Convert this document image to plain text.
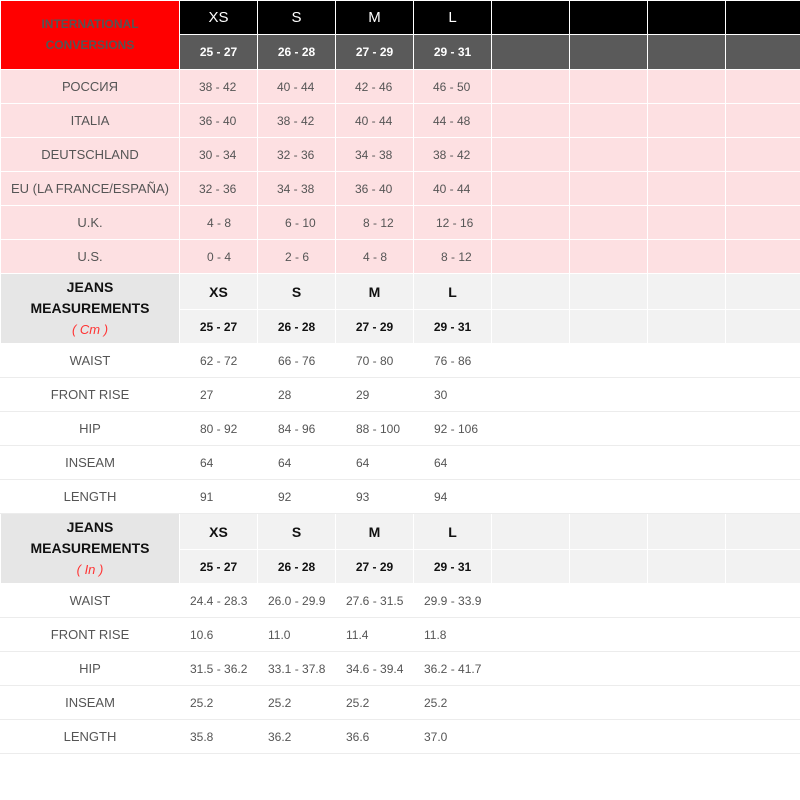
INTERNATIONAL
CONVERSIONS	XS	S	M	L				
	25 - 27	26 - 28	27 - 29	29 - 31				
РОССИЯ	38 - 42	40 - 44	42 - 46	46 - 50				
ITALIA	36 - 40	38 - 42	40 - 44	44 - 48				
DEUTSCHLAND	30 - 34	32 - 36	34 - 38	38 - 42				
EU (LA FRANCE/ESPAÑA)	32 - 36	34 - 38	36 - 40	40 - 44				
U.K.	4 - 8	6 - 10	8 - 12	12 - 16				
U.S.	0 - 4	2 - 6	4 - 8	8 - 12				
JEANS
MEASUREMENTS
( Cm )	XS	S	M	L				
	25 - 27	26 - 28	27 - 29	29 - 31				
WAIST	62 - 72	66 - 76	70 - 80	76 - 86				
FRONT RISE	27	28	29	30				
HIP	80 - 92	84 - 96	88 - 100	92 - 106				
INSEAM	64	64	64	64				
LENGTH	91	92	93	94				
JEANS
MEASUREMENTS
( In )	XS	S	M	L				
	25 - 27	26 - 28	27 - 29	29 - 31				
WAIST	24.4 - 28.3	26.0 - 29.9	27.6 - 31.5	29.9 - 33.9				
FRONT RISE	10.6	11.0	11.4	11.8				
HIP	31.5 - 36.2	33.1 - 37.8	34.6 - 39.4	36.2 - 41.7				
INSEAM	25.2	25.2	25.2	25.2				
LENGTH	35.8	36.2	36.6	37.0				
